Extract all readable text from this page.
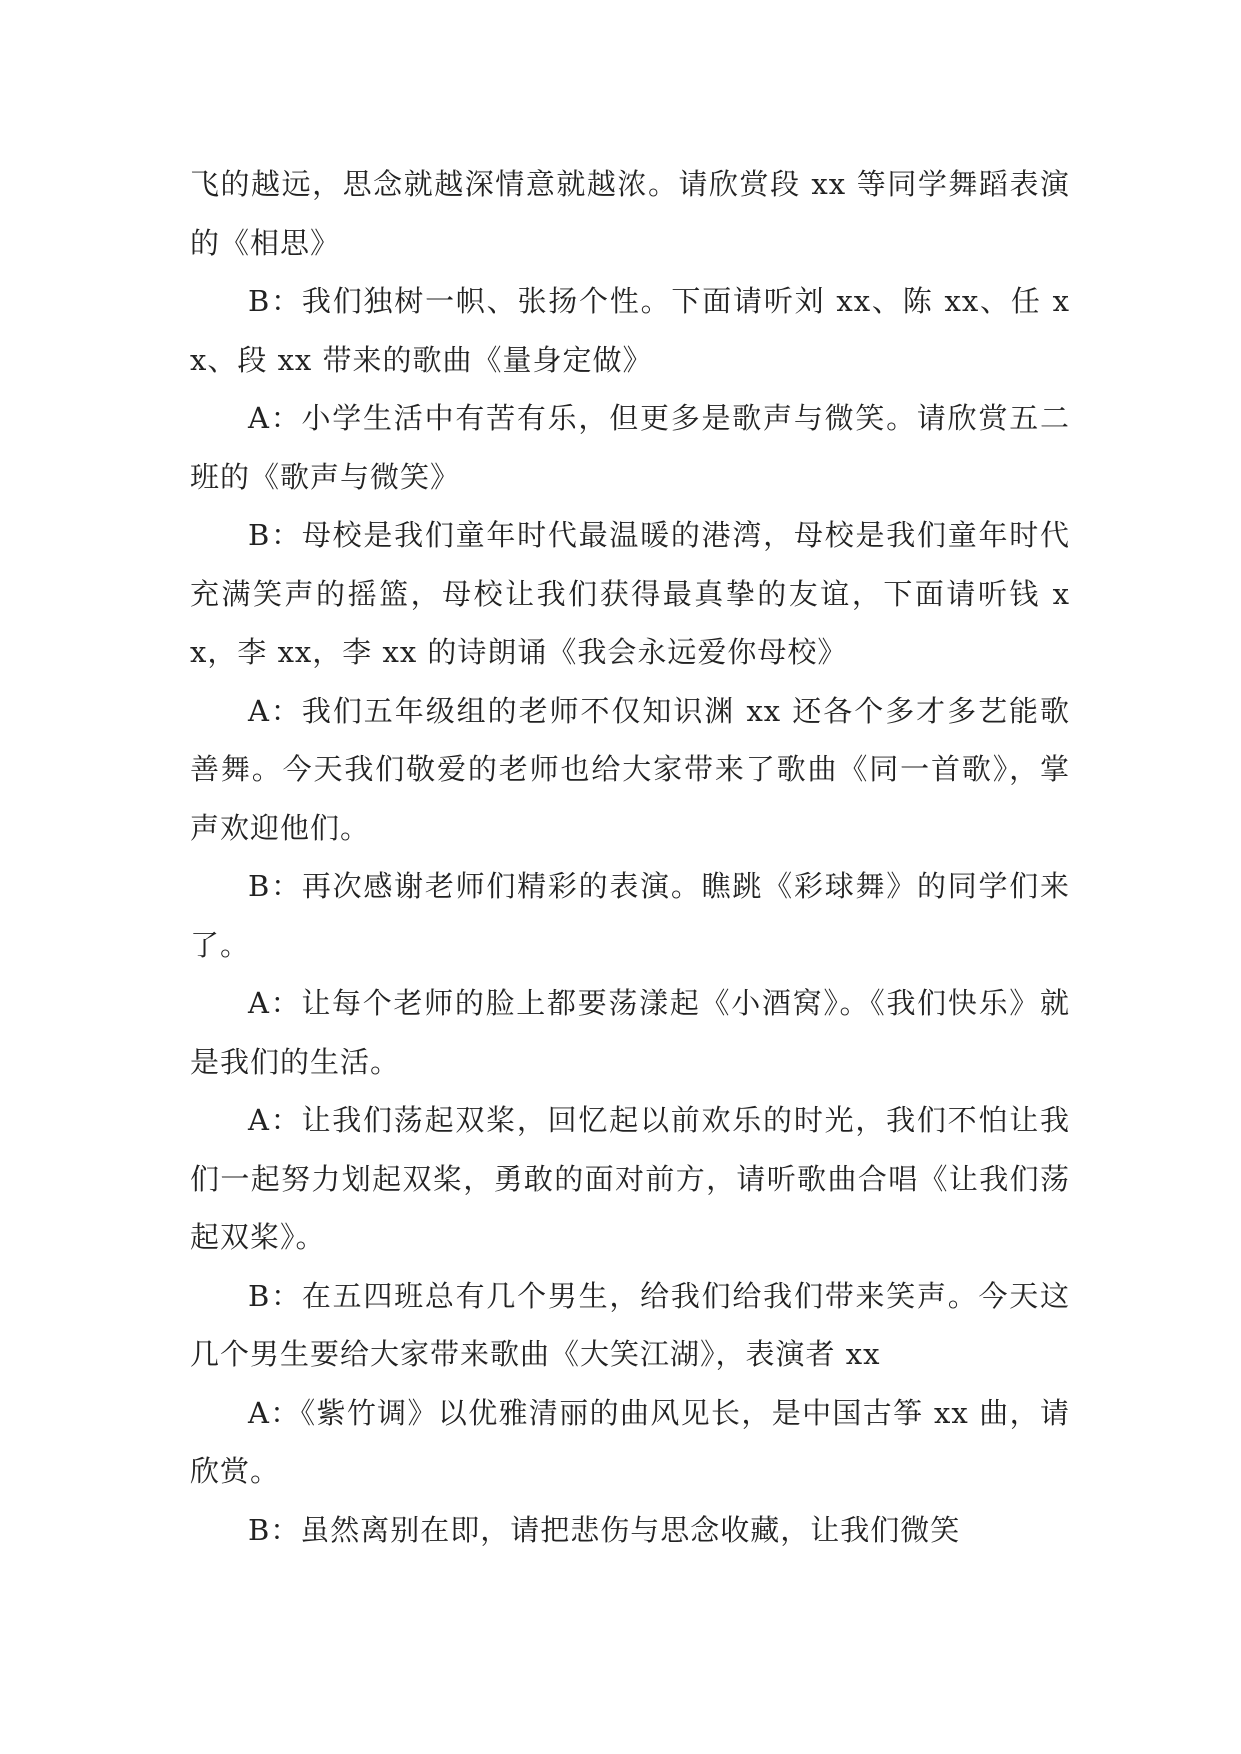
飞的越远，思念就越深情意就越浓。请欣赏段 xx 等同学舞蹈表演的《相思》

B：我们独树一帜、张扬个性。下面请听刘 xx、陈 xx、任 xx、段 xx 带来的歌曲《量身定做》

A：小学生活中有苦有乐，但更多是歌声与微笑。请欣赏五二班的《歌声与微笑》

B：母校是我们童年时代最温暖的港湾，母校是我们童年时代充满笑声的摇篮，母校让我们获得最真挚的友谊，下面请听钱 xx，李 xx，李 xx 的诗朗诵《我会永远爱你母校》

A：我们五年级组的老师不仅知识渊 xx 还各个多才多艺能歌善舞。今天我们敬爱的老师也给大家带来了歌曲《同一首歌》，掌声欢迎他们。

B：再次感谢老师们精彩的表演。瞧跳《彩球舞》的同学们来了。

A：让每个老师的脸上都要荡漾起《小酒窝》。《我们快乐》就是我们的生活。

A：让我们荡起双桨，回忆起以前欢乐的时光，我们不怕让我们一起努力划起双桨，勇敢的面对前方，请听歌曲合唱《让我们荡起双桨》。

B：在五四班总有几个男生，给我们给我们带来笑声。今天这几个男生要给大家带来歌曲《大笑江湖》，表演者 xx

A：《紫竹调》以优雅清丽的曲风见长，是中国古筝 xx 曲，请欣赏。

B：虽然离别在即，请把悲伤与思念收藏，让我们微笑
